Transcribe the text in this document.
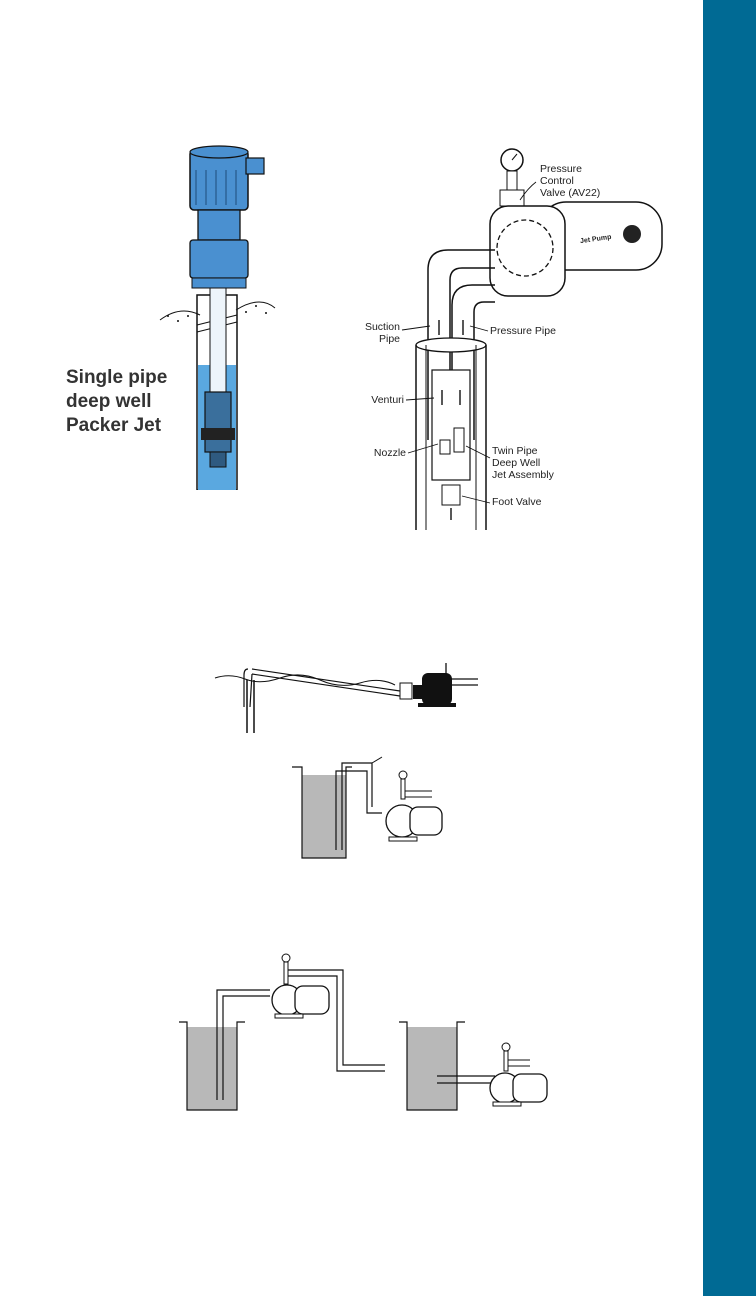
Single pipe
deep well
Packer Jet
Jet Pump
Pressure
Control
Valve (AV22)
Suction
Pipe
Pressure Pipe
Venturi
Nozzle	Twin Pipe
Deep Well
Jet Assembly
Foot Valve
